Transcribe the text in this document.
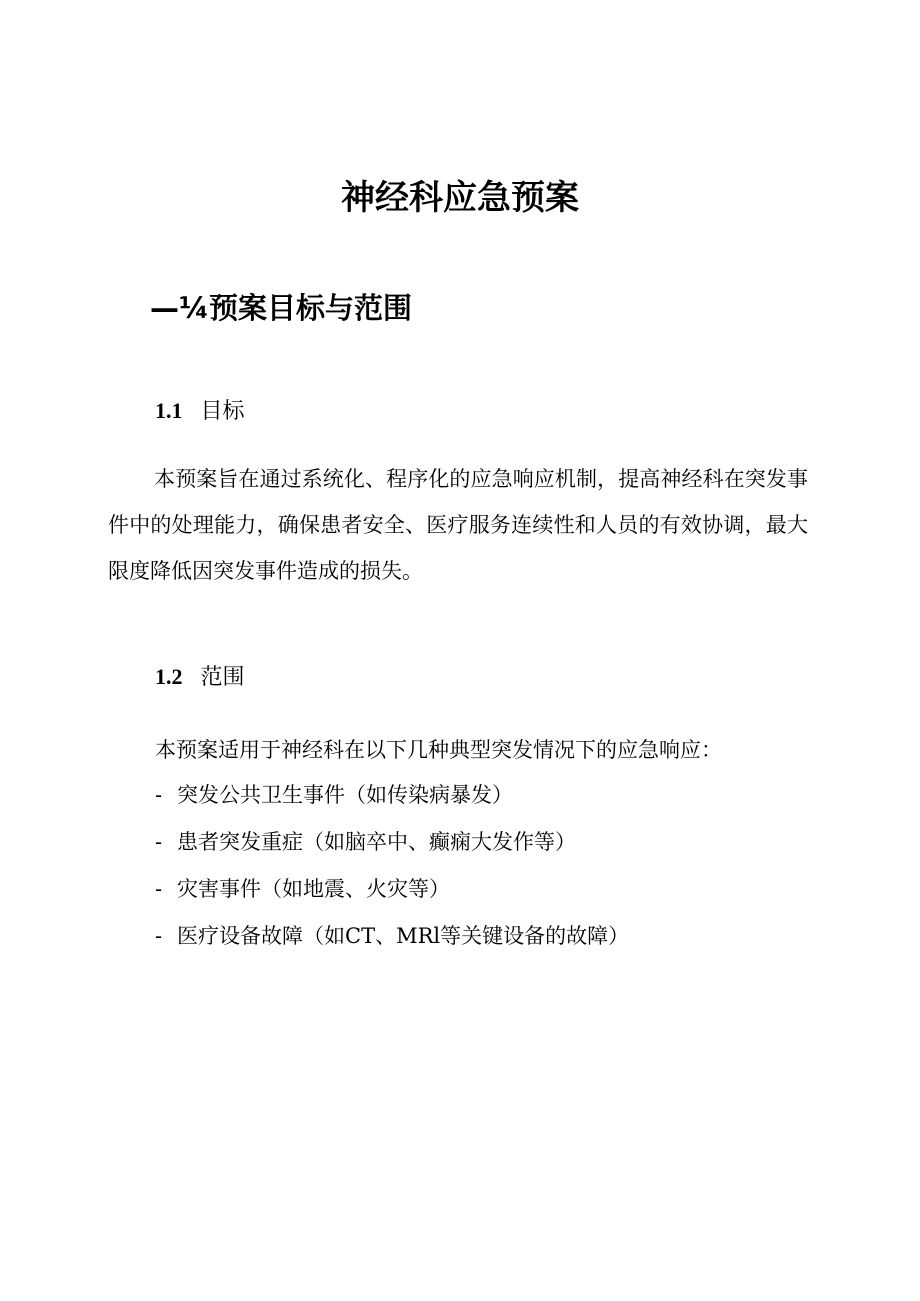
神经科应急预案
—¼预案目标与范围
1.1 目标
本预案旨在通过系统化、程序化的应急响应机制，提高神经科在突发事件中的处理能力，确保患者安全、医疗服务连续性和人员的有效协调，最大限度降低因突发事件造成的损失。
1.2 范围
本预案适用于神经科在以下几种典型突发情况下的应急响应：
- 突发公共卫生事件（如传染病暴发）
- 患者突发重症（如脑卒中、癫痫大发作等）
- 灾害事件（如地震、火灾等）
- 医疗设备故障（如CT、MRl等关键设备的故障）
